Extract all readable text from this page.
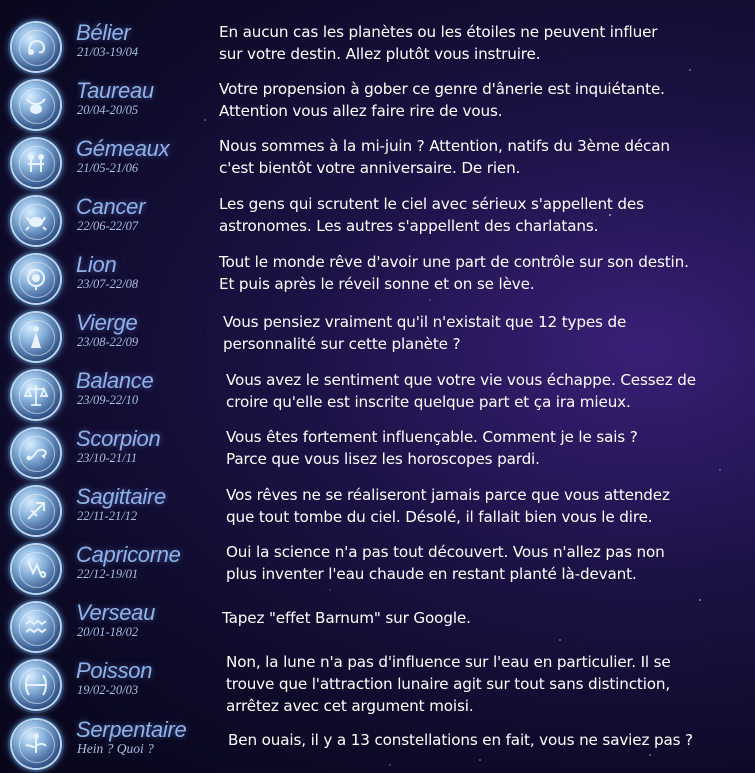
Bélier
21/03-19/04
En aucun cas les planètes ou les étoiles ne peuvent influer
sur votre destin. Allez plutôt vous instruire.
Taureau
20/04-20/05
Votre propension à gober ce genre d'ânerie est inquiétante.
Attention vous allez faire rire de vous.
Gémeaux
21/05-21/06
Nous sommes à la mi-juin ? Attention, natifs du 3ème décan
c'est bientôt votre anniversaire. De rien.
Cancer
22/06-22/07
Les gens qui scrutent le ciel avec sérieux s'appellent des
astronomes. Les autres s'appellent des charlatans.
Lion
23/07-22/08
Tout le monde rêve d'avoir une part de contrôle sur son destin.
Et puis après le réveil sonne et on se lève.
Vierge
23/08-22/09
Vous pensiez vraiment qu'il n'existait que 12 types de
personnalité sur cette planète ?
Balance
23/09-22/10
Vous avez le sentiment que votre vie vous échappe. Cessez de
croire qu'elle est inscrite quelque part et ça ira mieux.
Scorpion
23/10-21/11
Vous êtes fortement influençable. Comment je le sais ?
Parce que vous lisez les horoscopes pardi.
Sagittaire
22/11-21/12
Vos rêves ne se réaliseront jamais parce que vous attendez
que tout tombe du ciel. Désolé, il fallait bien vous le dire.
Capricorne
22/12-19/01
Oui la science n'a pas tout découvert. Vous n'allez pas non
plus inventer l'eau chaude en restant planté là-devant.
Verseau
20/01-18/02
Tapez "effet Barnum" sur Google.
Poisson
19/02-20/03
Non, la lune n'a pas d'influence sur l'eau en particulier. Il se
trouve que l'attraction lunaire agit sur tout sans distinction,
arrêtez avec cet argument moisi.
Serpentaire
Hein ? Quoi ?	Ben ouais, il y a 13 constellations en fait, vous ne saviez pas ?
